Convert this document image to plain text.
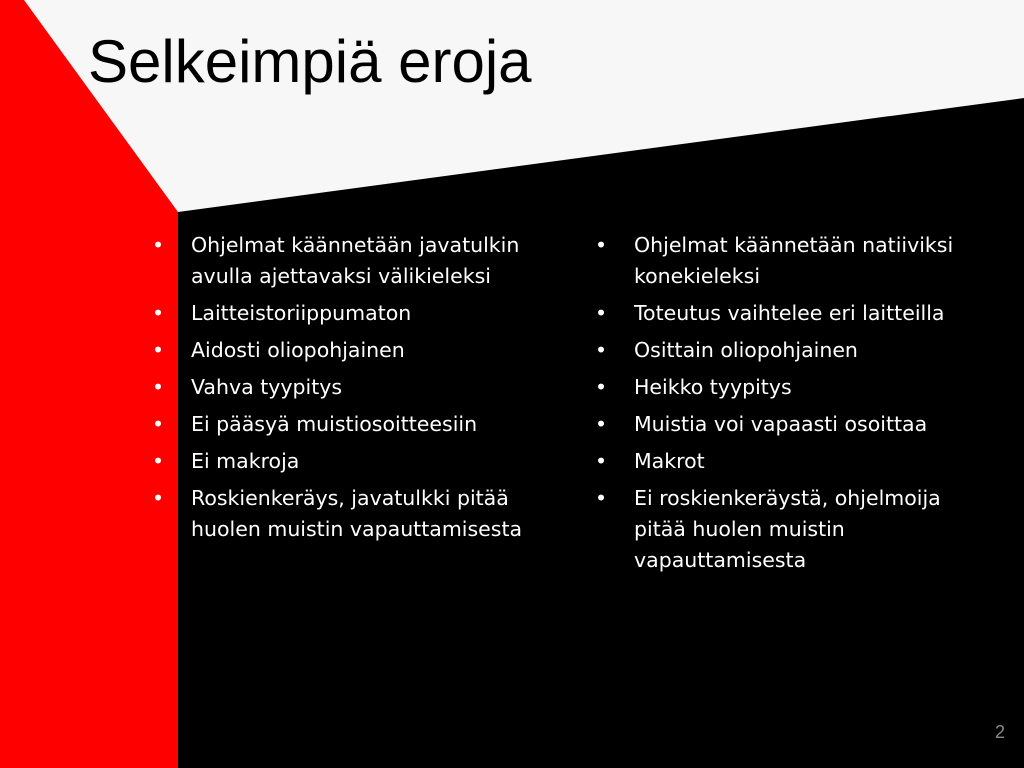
Selkeimpiä eroja
• Ohjelmat käännetään javatulkin avulla ajettavaksi välikieleksi
• Laitteistoriippumaton
• Aidosti oliopohjainen
• Vahva tyypitys
• Ei pääsyä muistiosoitteesiin
• Ei makroja
• Roskienkeräys, javatulkki pitää huolen muistin vapauttamisesta
• Ohjelmat käännetään natiiviksi konekieleksi
• Toteutus vaihtelee eri laitteilla
• Osittain oliopohjainen
• Heikko tyypitys
• Muistia voi vapaasti osoittaa
• Makrot
• Ei roskienkeräystä, ohjelmoija pitää huolen muistin vapauttamisesta
2
